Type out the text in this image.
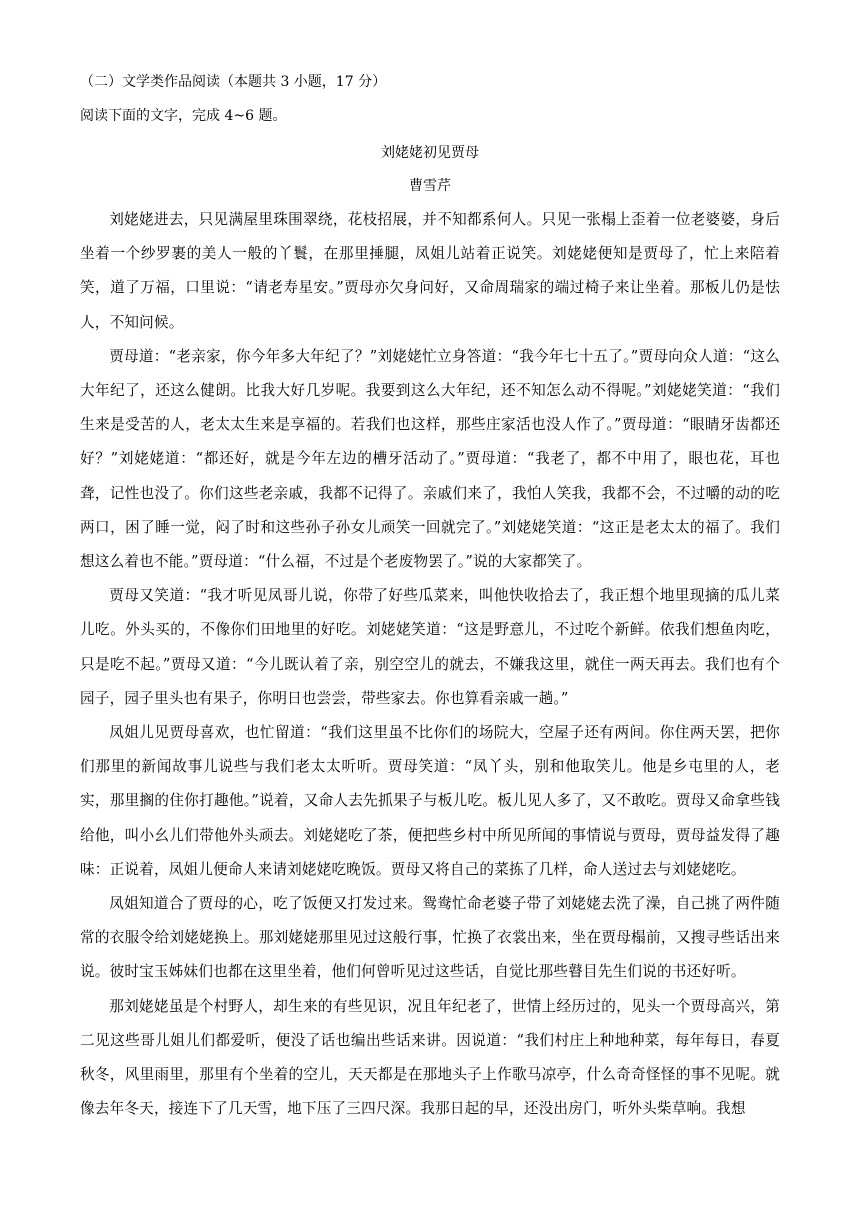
（二）文学类作品阅读（本题共 3 小题，17 分）
阅读下面的文字，完成 4~6 题。
刘姥姥初见贾母
曹雪芹

刘姥姥进去，只见满屋里珠围翠绕，花枝招展，并不知都系何人。只见一张榻上歪着一位老婆婆，身后坐着一个纱罗裹的美人一般的丫鬟，在那里捶腿，凤姐儿站着正说笑。刘姥姥便知是贾母了，忙上来陪着笑，道了万福，口里说：“请老寿星安。”贾母亦欠身问好，又命周瑞家的端过椅子来让坐着。那板儿仍是怯人，不知问候。

贾母道：“老亲家，你今年多大年纪了？”刘姥姥忙立身答道：“我今年七十五了。”贾母向众人道：“这么大年纪了，还这么健朗。比我大好几岁呢。我要到这么大年纪，还不知怎么动不得呢。”刘姥姥笑道：“我们生来是受苦的人，老太太生来是享福的。若我们也这样，那些庄家活也没人作了。”贾母道：“眼睛牙齿都还好？”刘姥姥道：“都还好，就是今年左边的槽牙活动了。”贾母道：“我老了，都不中用了，眼也花，耳也聋，记性也没了。你们这些老亲戚，我都不记得了。亲戚们来了，我怕人笑我，我都不会，不过嚼的动的吃两口，困了睡一觉，闷了时和这些孙子孙女儿顽笑一回就完了。”刘姥姥笑道：“这正是老太太的福了。我们想这么着也不能。”贾母道：“什么福，不过是个老废物罢了。”说的大家都笑了。

贾母又笑道：“我才听见凤哥儿说，你带了好些瓜菜来，叫他快收拾去了，我正想个地里现摘的瓜儿菜儿吃。外头买的，不像你们田地里的好吃。刘姥姥笑道：“这是野意儿，不过吃个新鲜。依我们想鱼肉吃，只是吃不起。”贾母又道：“今儿既认着了亲，别空空儿的就去，不嫌我这里，就住一两天再去。我们也有个园子，园子里头也有果子，你明日也尝尝，带些家去。你也算看亲戚一趟。”

凤姐儿见贾母喜欢，也忙留道：“我们这里虽不比你们的场院大，空屋子还有两间。你住两天罢，把你们那里的新闻故事儿说些与我们老太太听听。贾母笑道：“凤丫头，别和他取笑儿。他是乡屯里的人，老实，那里搁的住你打趣他。”说着，又命人去先抓果子与板儿吃。板儿见人多了，又不敢吃。贾母又命拿些钱给他，叫小幺儿们带他外头顽去。刘姥姥吃了茶，便把些乡村中所见所闻的事情说与贾母，贾母益发得了趣味：正说着，凤姐儿便命人来请刘姥姥吃晚饭。贾母又将自己的菜拣了几样，命人送过去与刘姥姥吃。

凤姐知道合了贾母的心，吃了饭便又打发过来。鸳鸯忙命老婆子带了刘姥姥去洗了澡，自己挑了两件随常的衣服令给刘姥姥换上。那刘姥姥那里见过这般行事，忙换了衣裳出来，坐在贾母榻前，又搜寻些话出来说。彼时宝玉姊妹们也都在这里坐着，他们何曾听见过这些话，自觉比那些瞽目先生们说的书还好听。

那刘姥姥虽是个村野人，却生来的有些见识，况且年纪老了，世情上经历过的，见头一个贾母高兴，第二见这些哥儿姐儿们都爱听，便没了话也编出些话来讲。因说道：“我们村庄上种地种菜，每年每日，春夏秋冬，风里雨里，那里有个坐着的空儿，天天都是在那地头子上作歌马凉亭，什么奇奇怪怪的事不见呢。就像去年冬天，接连下了几天雪，地下压了三四尺深。我那日起的早，还没出房门，听外头柴草响。我想
